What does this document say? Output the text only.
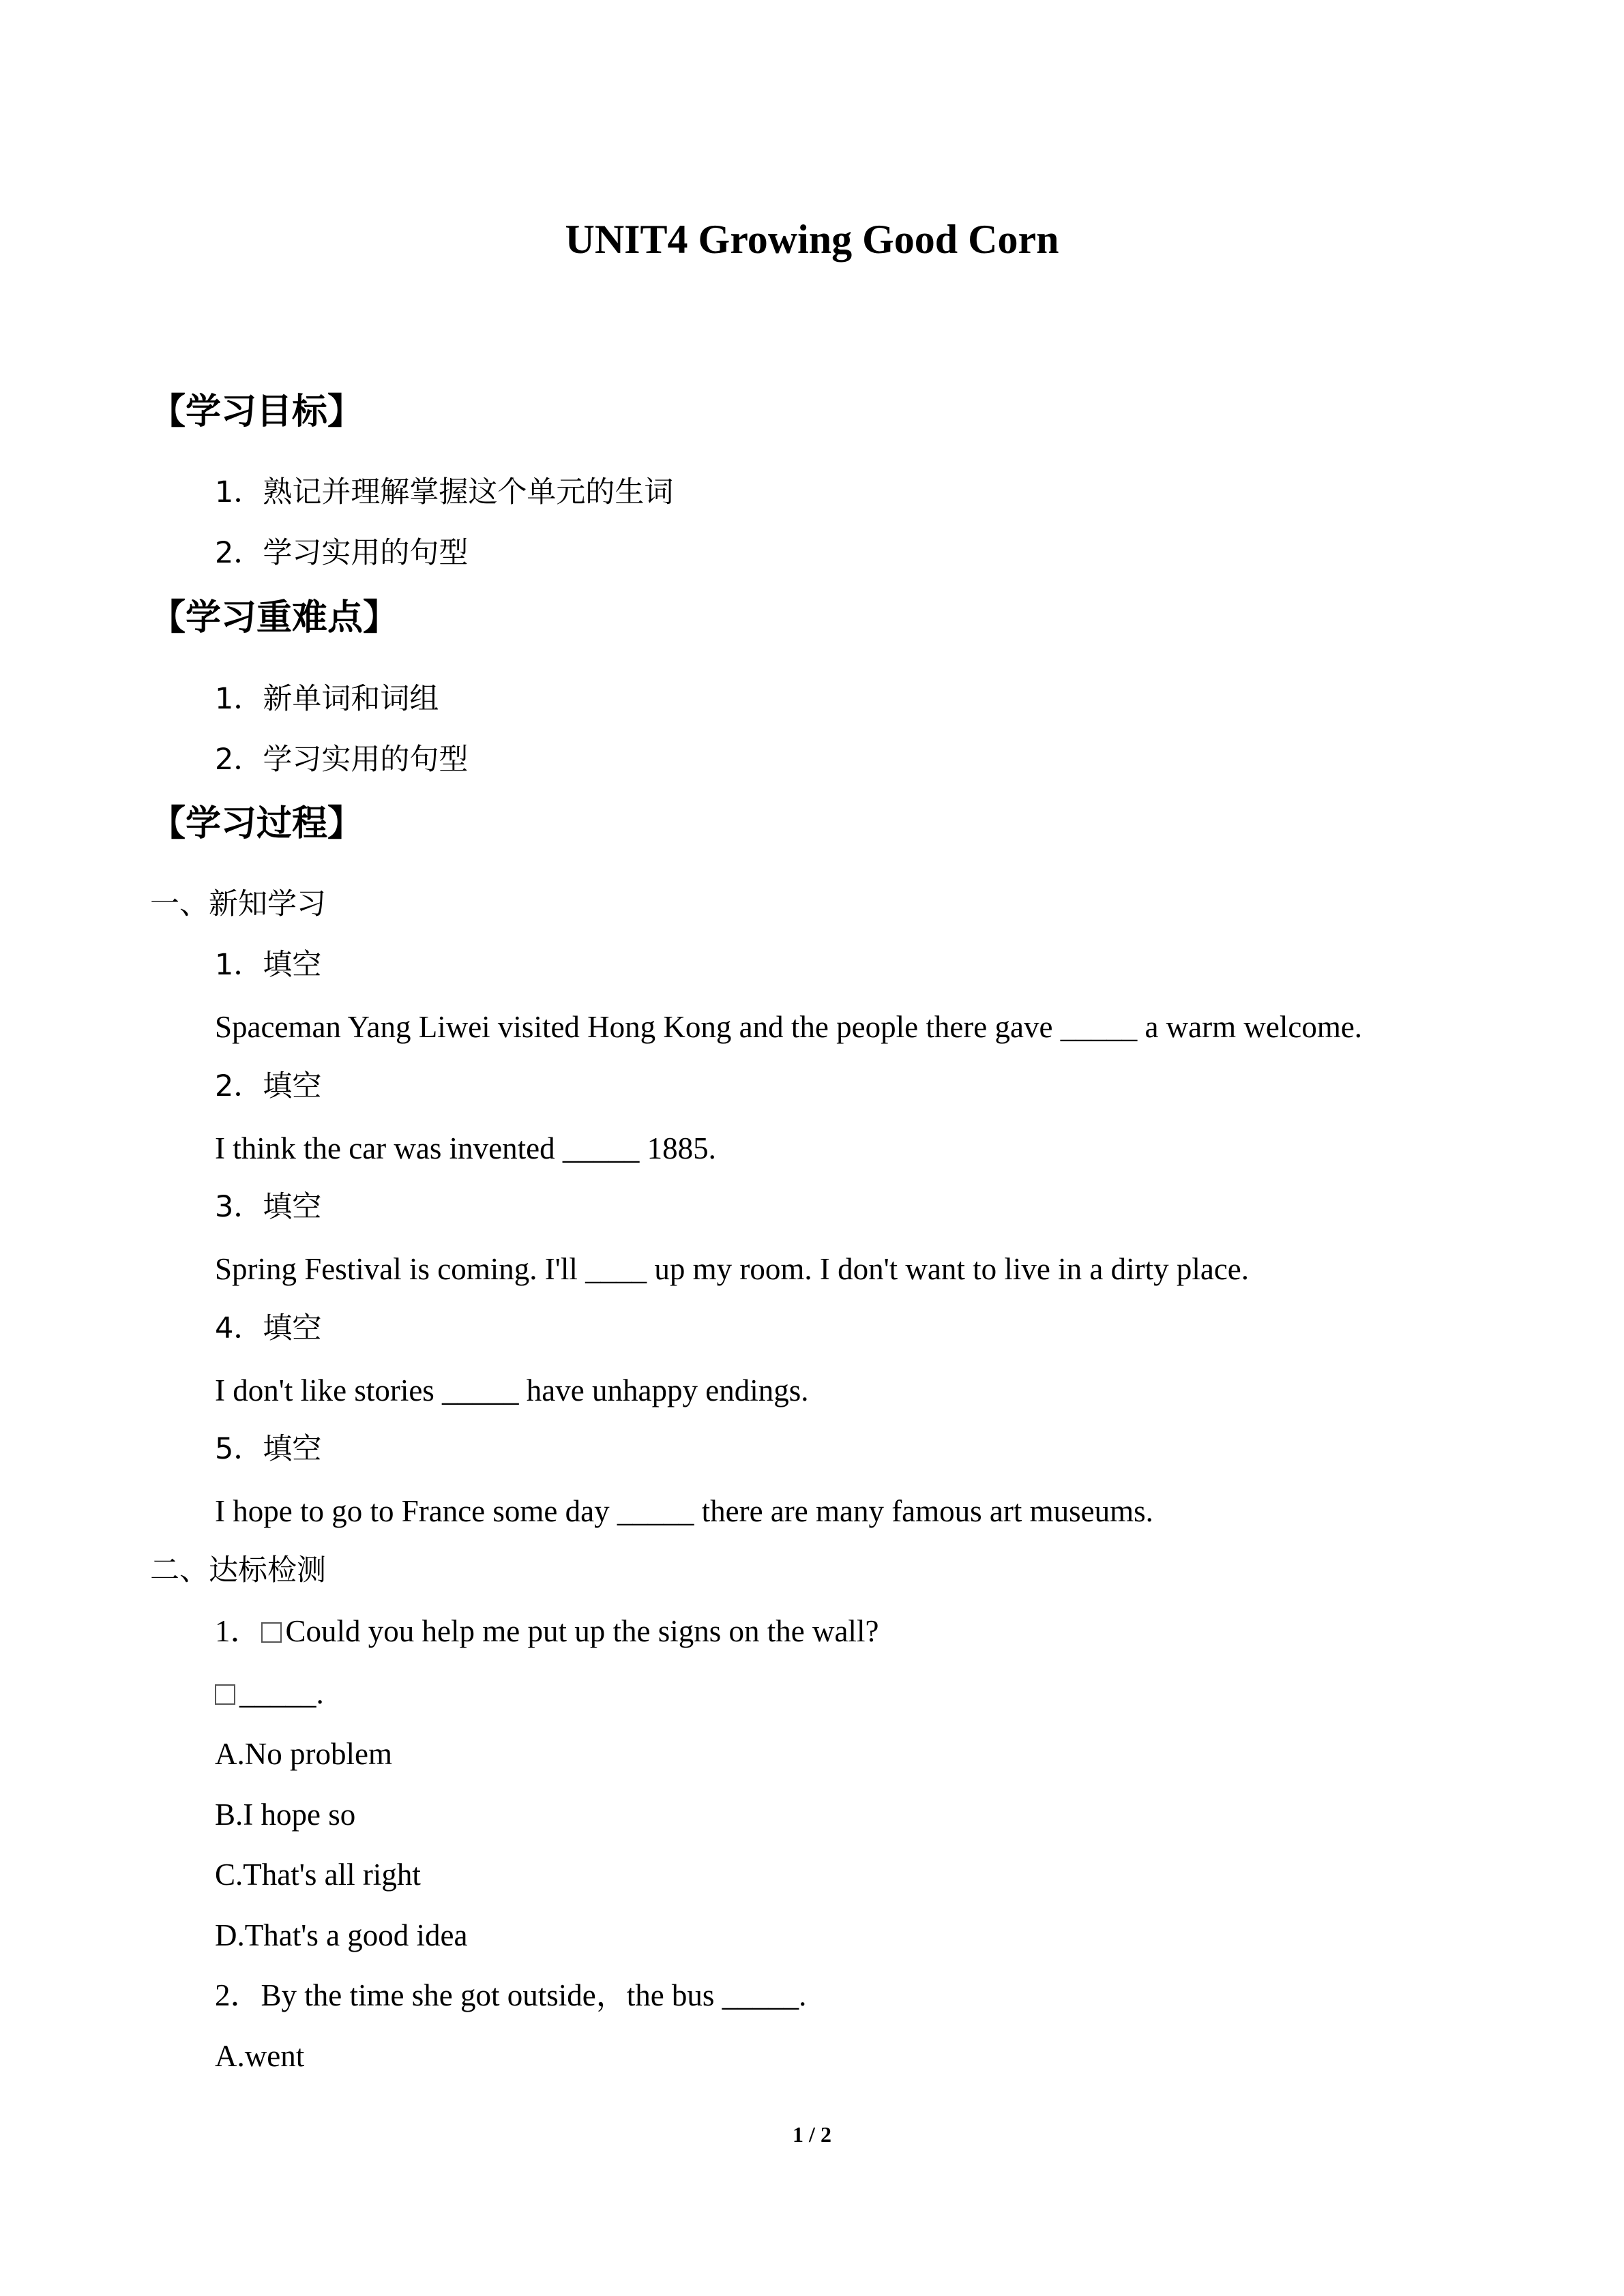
UNIT4 Growing Good Corn
【学习目标】
1．熟记并理解掌握这个单元的生词
2．学习实用的句型
【学习重难点】
1．新单词和词组
2．学习实用的句型
【学习过程】
一、新知学习
1．填空
Spaceman Yang Liwei visited Hong Kong and the people there gave _____ a warm welcome.
2．填空
I think the car was invented _____ 1885.
3．填空
Spring Festival is coming. I'll ____ up my room. I don't want to live in a dirty place.
4．填空
I don't like stories _____ have unhappy endings.
5．填空
I hope to go to France some day _____ there are many famous art museums.
二、达标检测
1． Could you help me put up the signs on the wall?
_____.
A.No problem
B.I hope so
C.That's all right
D.That's a good idea
2．By the time she got outside，the bus _____.
A.went
1 / 2
